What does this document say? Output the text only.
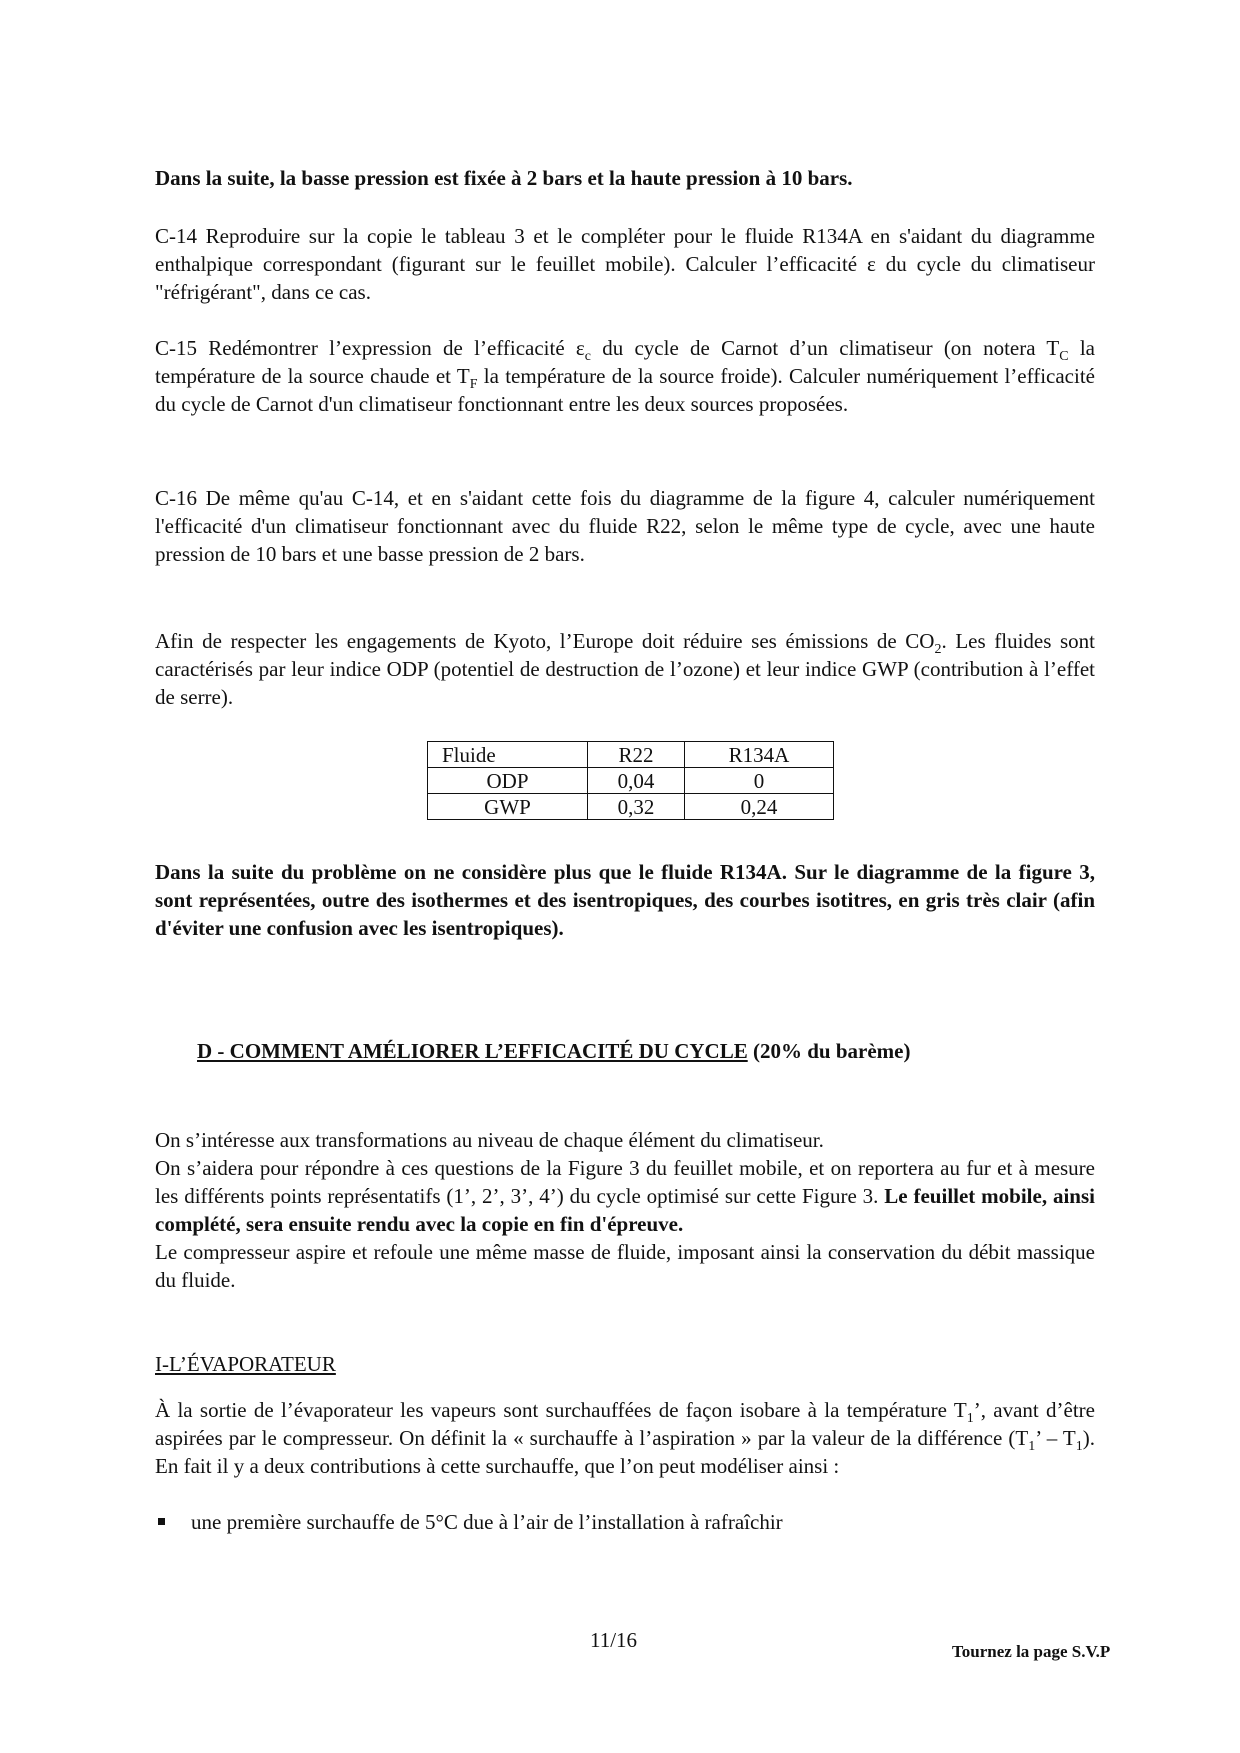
Dans la suite, la basse pression est fixée à 2 bars et la haute pression à 10 bars.

C-14 Reproduire sur la copie le tableau 3 et le compléter pour le fluide R134A en s'aidant du diagramme enthalpique correspondant (figurant sur le feuillet mobile). Calculer l’efficacité ε du cycle du climatiseur "réfrigérant", dans ce cas.

C-15 Redémontrer l’expression de l’efficacité $\varepsilon_c$ du cycle de Carnot d’un climatiseur (on notera $T_C$ la température de la source chaude et $T_F$ la température de la source froide). Calculer numériquement l’efficacité du cycle de Carnot d'un climatiseur fonctionnant entre les deux sources proposées.

C-16 De même qu'au C-14, et en s'aidant cette fois du diagramme de la figure 4, calculer numériquement l'efficacité d'un climatiseur fonctionnant avec du fluide R22, selon le même type de cycle, avec une haute pression de 10 bars et une basse pression de 2 bars.

Afin de respecter les engagements de Kyoto, l’Europe doit réduire ses émissions de $CO_2$. Les fluides sont caractérisés par leur indice ODP (potentiel de destruction de l’ozone) et leur indice GWP (contribution à l’effet de serre).

Fluide	R22	R134A
ODP	0,04	0
GWP	0,32	0,24

Dans la suite du problème on ne considère plus que le fluide R134A. Sur le diagramme de la figure 3, sont représentées, outre des isothermes et des isentropiques, des courbes isotitres, en gris très clair (afin d'éviter une confusion avec les isentropiques).

D - COMMENT AMÉLIORER L’EFFICACITÉ DU CYCLE (20% du barème)

On s’intéresse aux transformations au niveau de chaque élément du climatiseur.
On s’aidera pour répondre à ces questions de la Figure 3 du feuillet mobile, et on reportera au fur et à mesure les différents points représentatifs (1’, 2’, 3’, 4’) du cycle optimisé sur cette Figure 3. Le feuillet mobile, ainsi complété, sera ensuite rendu avec la copie en fin d'épreuve.
Le compresseur aspire et refoule une même masse de fluide, imposant ainsi la conservation du débit massique du fluide.

I-L’ÉVAPORATEUR

À la sortie de l’évaporateur les vapeurs sont surchauffées de façon isobare à la température $T_1$’, avant d’être aspirées par le compresseur. On définit la « surchauffe à l’aspiration » par la valeur de la différence ($T_1$’ – $T_1$). En fait il y a deux contributions à cette surchauffe, que l’on peut modéliser ainsi :

une première surchauffe de 5°C due à l’air de l’installation à rafraîchir
11/16	Tournez la page S.V.P
